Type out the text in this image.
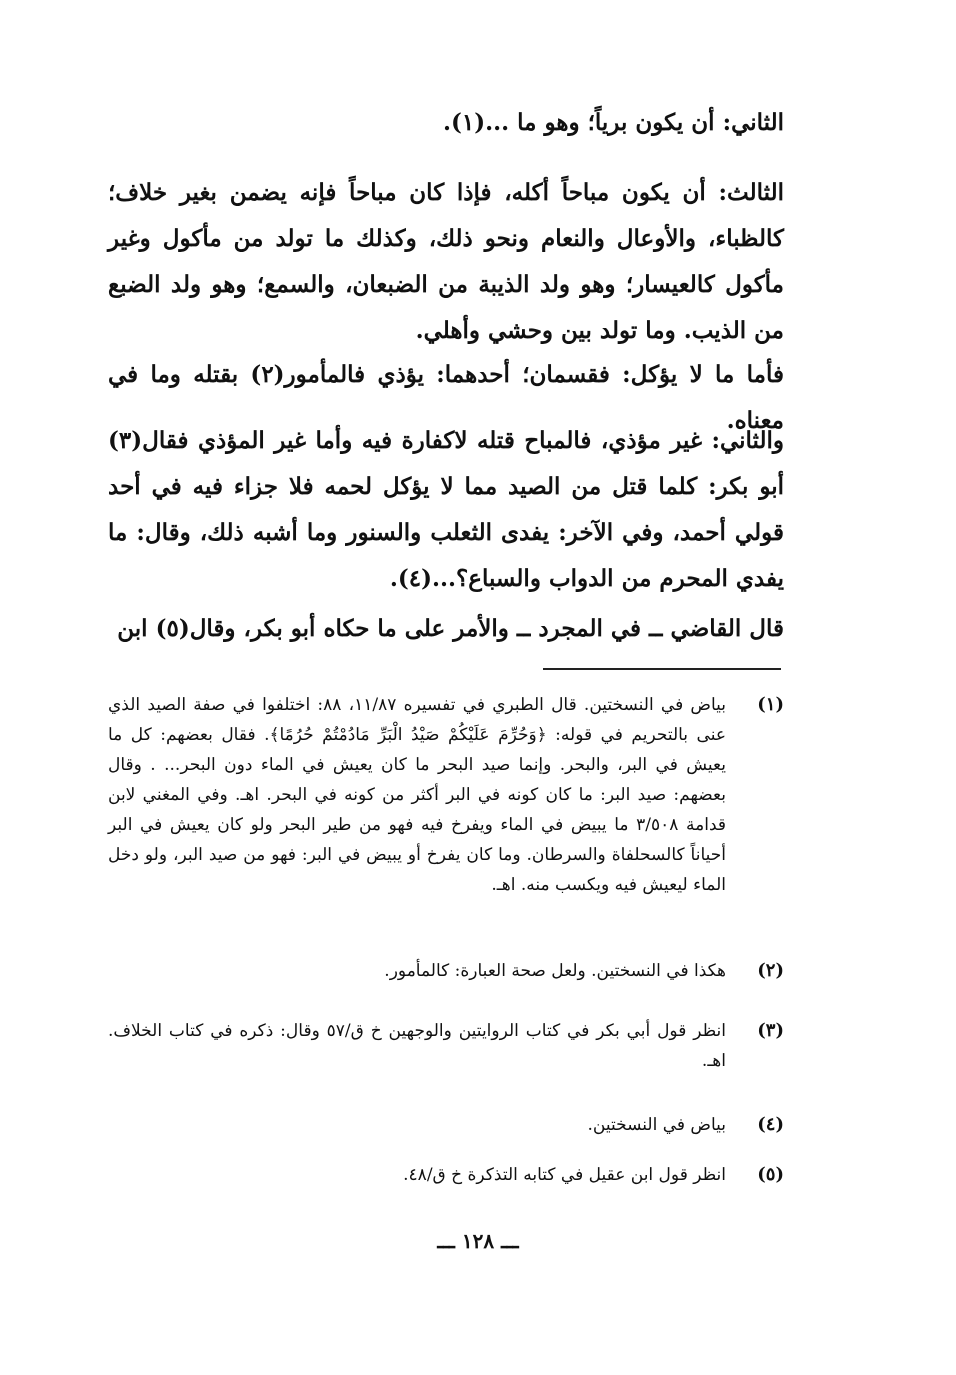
الثاني: أن يكون برياً؛ وهو ما ...(١).

الثالث: أن يكون مباحاً أكله، فإذا كان مباحاً فإنه يضمن بغير خلاف؛ كالظباء، والأوعال والنعام ونحو ذلك، وكذلك ما تولد من مأكول وغير مأكول كالعيسار؛ وهو ولد الذيبة من الضبعان، والسمع؛ وهو ولد الضبع من الذيب. وما تولد بين وحشي وأهلي.

فأما ما لا يؤكل: فقسمان؛ أحدهما: يؤذي فالمأمور(٢) بقتله وما في معناه.

والثاني: غير مؤذي، فالمباح قتله لاكفارة فيه وأما غير المؤذي فقال(٣) أبو بكر: كلما قتل من الصيد مما لا يؤكل لحمه فلا جزاء فيه في أحد قولي أحمد، وفي الآخر: يفدى الثعلب والسنور وما أشبه ذلك، وقال: ما يفدي المحرم من الدواب والسباع؟...(٤).

قال القاضي ــ في المجرد ــ والأمر على ما حكاه أبو بكر، وقال(٥) ابن

(١)
بياض في النسختين. قال الطبري في تفسيره ١١/٨٧، ٨٨: اختلفوا في صفة الصيد الذي عنى بالتحريم في قوله: ﴿وَحُرِّمَ عَلَيْكُمْ صَيْدُ الْبَرِّ مَادُمْتُمْ حُرُمًا﴾. فقال بعضهم: كل ما يعيش في البر، والبحر. وإنما صيد البحر ما كان يعيش في الماء دون البحر... . وقال بعضهم: صيد البر: ما كان كونه في البر أكثر من كونه في البحر. اهـ. وفي المغني لابن قدامة ٣/٥٠٨ ما يبيض في الماء ويفرخ فيه فهو من طير البحر ولو كان يعيش في البر أحياناً كالسحلفاة والسرطان. وما كان يفرخ أو يبيض في البر: فهو من صيد البر، ولو دخل الماء ليعيش فيه ويكسب منه. اهـ.
(٢)
هكذا في النسختين. ولعل صحة العبارة: كالمأمور.
(٣)
انظر قول أبي بكر في كتاب الروايتين والوجهين خ ق/٥٧ وقال: ذكره في كتاب الخلاف. اهـ.
(٤)
بياض في النسختين.
(٥)
انظر قول ابن عقيل في كتابه التذكرة خ ق/٤٨.
ـــ ١٢٨ ـــ
